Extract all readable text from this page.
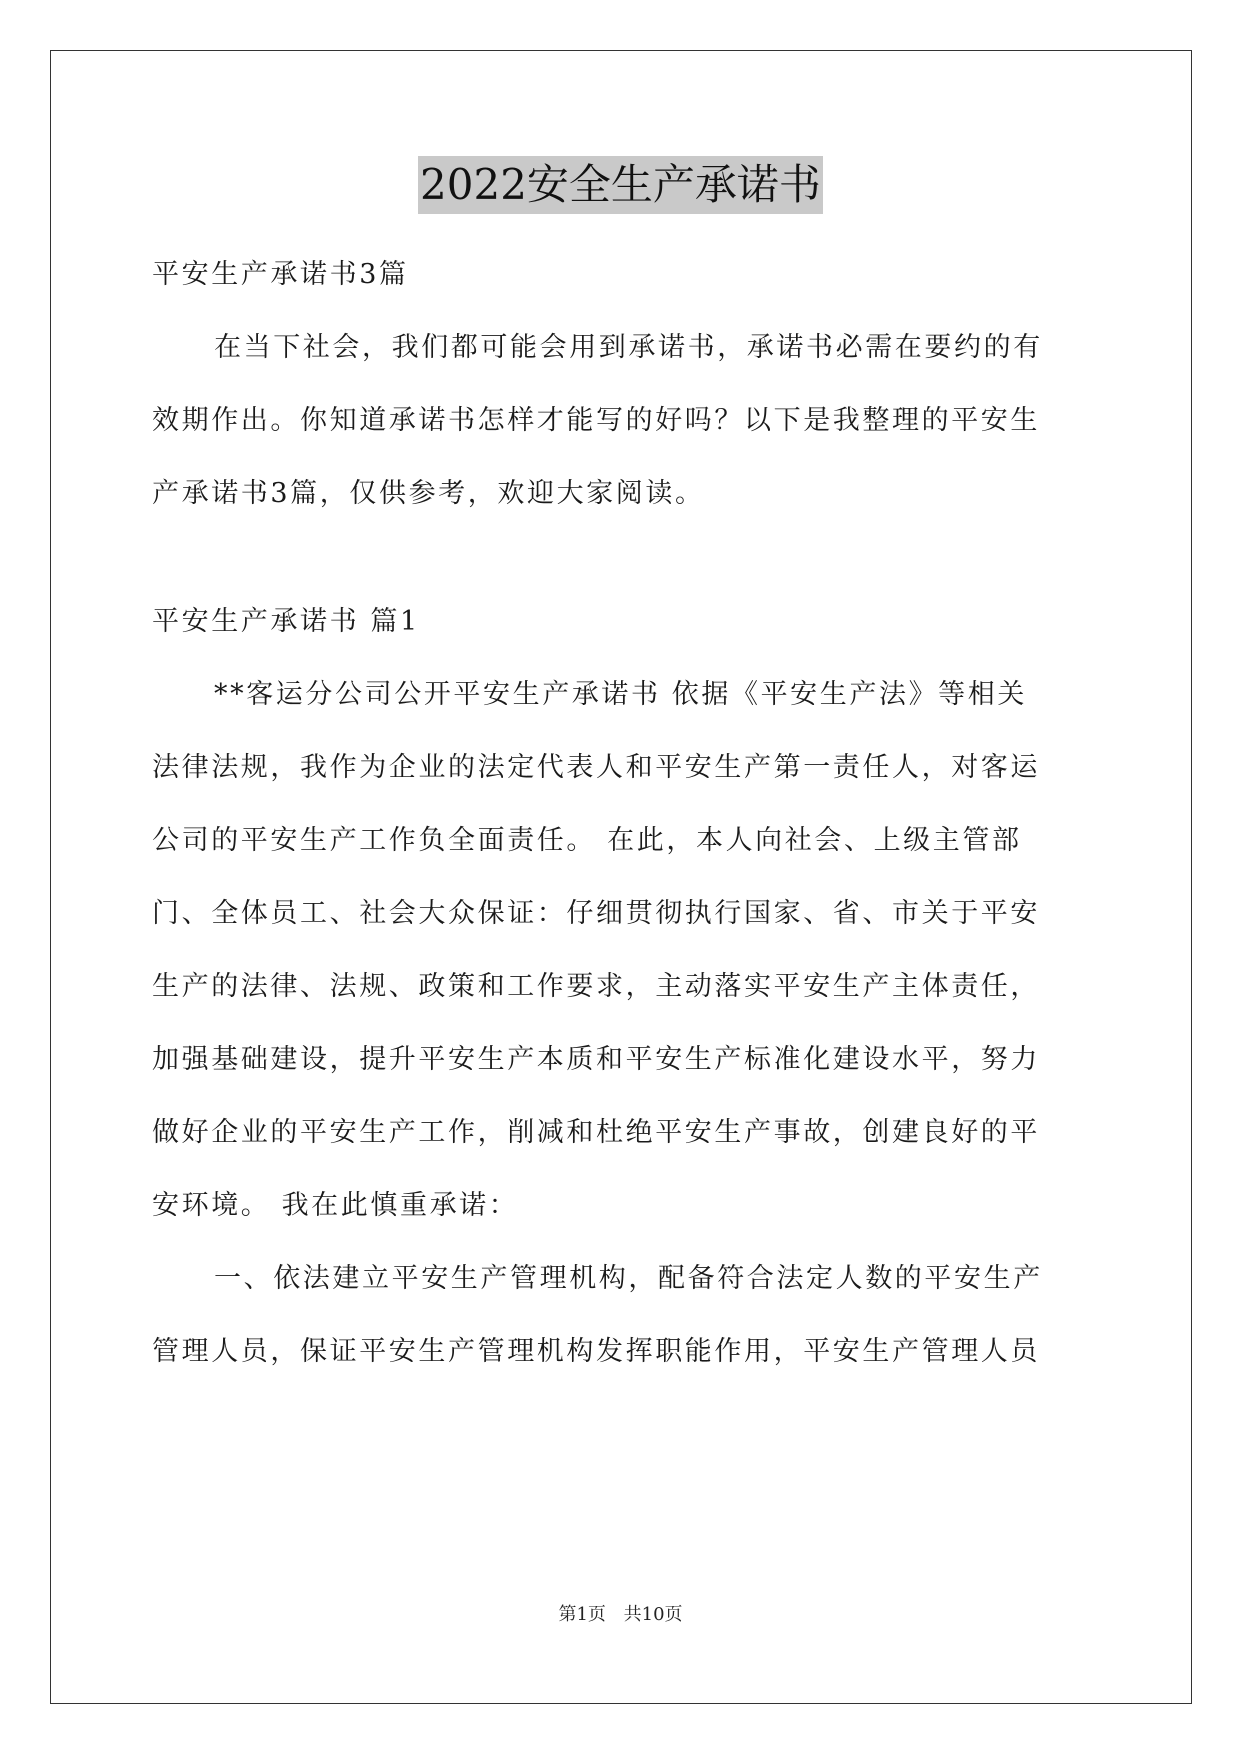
2022安全生产承诺书
平安生产承诺书3篇
在当下社会，我们都可能会用到承诺书，承诺书必需在要约的有
效期作出。你知道承诺书怎样才能写的好吗？以下是我整理的平安生
产承诺书3篇，仅供参考，欢迎大家阅读。
平安生产承诺书 篇1
**客运分公司公开平安生产承诺书 依据《平安生产法》等相关
法律法规，我作为企业的法定代表人和平安生产第一责任人，对客运
公司的平安生产工作负全面责任。 在此，本人向社会、上级主管部
门、全体员工、社会大众保证：仔细贯彻执行国家、省、市关于平安
生产的法律、法规、政策和工作要求，主动落实平安生产主体责任，
加强基础建设，提升平安生产本质和平安生产标准化建设水平，努力
做好企业的平安生产工作，削减和杜绝平安生产事故，创建良好的平
安环境。 我在此慎重承诺：
一、依法建立平安生产管理机构，配备符合法定人数的平安生产
管理人员，保证平安生产管理机构发挥职能作用，平安生产管理人员
第1页 共10页
